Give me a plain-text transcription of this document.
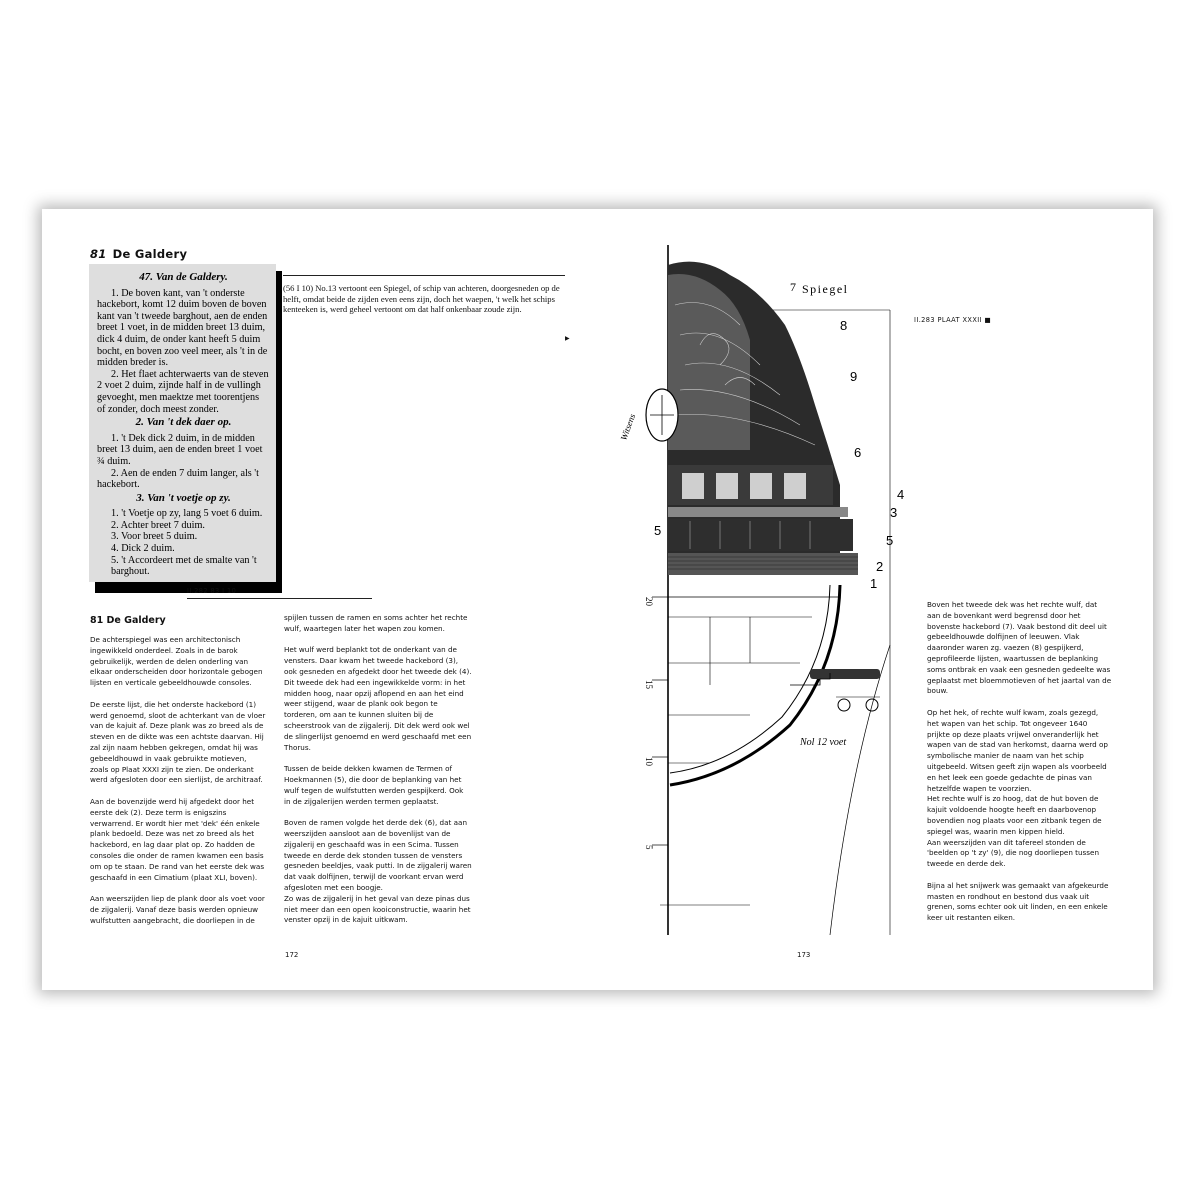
81 De Galdery

47. Van de Galdery.

1. De boven kant, van 't onderste hackebort, komt 12 duim boven de boven kant van 't tweede barghout, aen de enden breet 1 voet, in de midden breet 13 duim, dick 4 duim, de onder kant heeft 5 duim bocht, en boven zoo veel meer, als 't in de midden breder is.

2. Het flaet achterwaerts van de steven 2 voet 2 duim, zijnde half in de vullingh gevoeght, men maektze met toorentjens of zonder, doch meest zonder.

2. Van 't dek daer op.

1. 't Dek dick 2 duim, in de midden breet 13 duim, aen de enden breet 1 voet ¾ duim.

2. Aen de enden 7 duim langer, als 't hackebort.

3. Van 't voetje op zy.

1. 't Voetje op zy, lang 5 voet 6 duim.

2. Achter breet 7 duim.

3. Voor breet 5 duim.

4. Dick 2 duim.

5. 't Accordeert met de smalte van 't barghout.

II.282 83 I 10
(56 I 10) No.13 vertoont een Spiegel, of schip van achteren, doorgesneden op de helft, omdat beide de zijden even eens zijn, doch het waepen, 't welk het schips kenteeken is, werd geheel vertoont om dat half onkenbaar zoude zijn.
▶
81 De Galdery

De achterspiegel was een architectonisch ingewikkeld onderdeel. Zoals in de barok gebruikelijk, werden de delen onderling van elkaar onderscheiden door horizontale gebogen lijsten en verticale gebeeldhouwde consoles.

De eerste lijst, die het onderste hackebord (1) werd genoemd, sloot de achterkant van de vloer van de kajuit af. Deze plank was zo breed als de steven en de dikte was een achtste daarvan. Hij zal zijn naam hebben gekregen, omdat hij was gebeeldhouwd in vaak gebruikte motieven, zoals op Plaat XXXI zijn te zien. De onderkant werd afgesloten door een sierlijst, de architraaf.

Aan de bovenzijde werd hij afgedekt door het eerste dek (2). Deze term is enigszins verwarrend. Er wordt hier met 'dek' één enkele plank bedoeld. Deze was net zo breed als het hackebord, en lag daar plat op. Zo hadden de consoles die onder de ramen kwamen een basis om op te staan. De rand van het eerste dek was geschaafd in een Cimatium (plaat XLI, boven).

Aan weerszijden liep de plank door als voet voor de zijgalerij. Vanaf deze basis werden opnieuw wulfstutten aangebracht, die doorliepen in de

spijlen tussen de ramen en soms achter het rechte wulf, waartegen later het wapen zou komen.

Het wulf werd beplankt tot de onderkant van de vensters. Daar kwam het tweede hackebord (3), ook gesneden en afgedekt door het tweede dek (4). Dit tweede dek had een ingewikkelde vorm: in het midden hoog, naar opzij aflopend en aan het eind weer stijgend, waar de plank ook begon te torderen, om aan te kunnen sluiten bij de scheerstrook van de zijgalerij. Dit dek werd ook wel de slingerlijst genoemd en werd geschaafd met een Thorus.

Tussen de beide dekken kwamen de Termen of Hoekmannen (5), die door de beplanking van het wulf tegen de wulfstutten werden gespijkerd. Ook in de zijgalerijen werden termen geplaatst.

Boven de ramen volgde het derde dek (6), dat aan weerszijden aansloot aan de bovenlijst van de zijgalerij en geschaafd was in een Scima. Tussen tweede en derde dek stonden tussen de vensters gesneden beeldjes, vaak putti. In de zijgalerij waren dat vaak dolfijnen, terwijl de voorkant ervan werd afgesloten met een boogje.
Zo was de zijgalerij in het geval van deze pinas dus niet meer dan een open kooiconstructie, waarin het venster opzij in de kajuit uitkwam.

172
II.283 PLAAT XXXII ■
Witsens
7 Spiegel
8
9
6
4
3
5
5
2
1
20
15
10
5
Nol 12 voet

Boven het tweede dek was het rechte wulf, dat aan de bovenkant werd begrensd door het bovenste hackebord (7). Vaak bestond dit deel uit gebeeldhouwde dolfijnen of leeuwen. Vlak daaronder waren zg. vaezen (8) gespijkerd, geprofileerde lijsten, waartussen de beplanking soms ontbrak en vaak een gesneden gedeelte was geplaatst met bloemmotieven of het jaartal van de bouw.

Op het hek, of rechte wulf kwam, zoals gezegd, het wapen van het schip. Tot ongeveer 1640 prijkte op deze plaats vrijwel onveranderlijk het wapen van de stad van herkomst, daarna werd op symbolische manier de naam van het schip uitgebeeld. Witsen geeft zijn wapen als voorbeeld en het leek een goede gedachte de pinas van hetzelfde wapen te voorzien.
Het rechte wulf is zo hoog, dat de hut boven de kajuit voldoende hoogte heeft en daarbovenop bovendien nog plaats voor een zitbank tegen de spiegel was, waarin men kippen hield.
Aan weerszijden van dit tafereel stonden de 'beelden op 't zy' (9), die nog doorliepen tussen tweede en derde dek.

Bijna al het snijwerk was gemaakt van afgekeurde masten en rondhout en bestond dus vaak uit grenen, soms echter ook uit linden, en een enkele keer uit restanten eiken.

173
